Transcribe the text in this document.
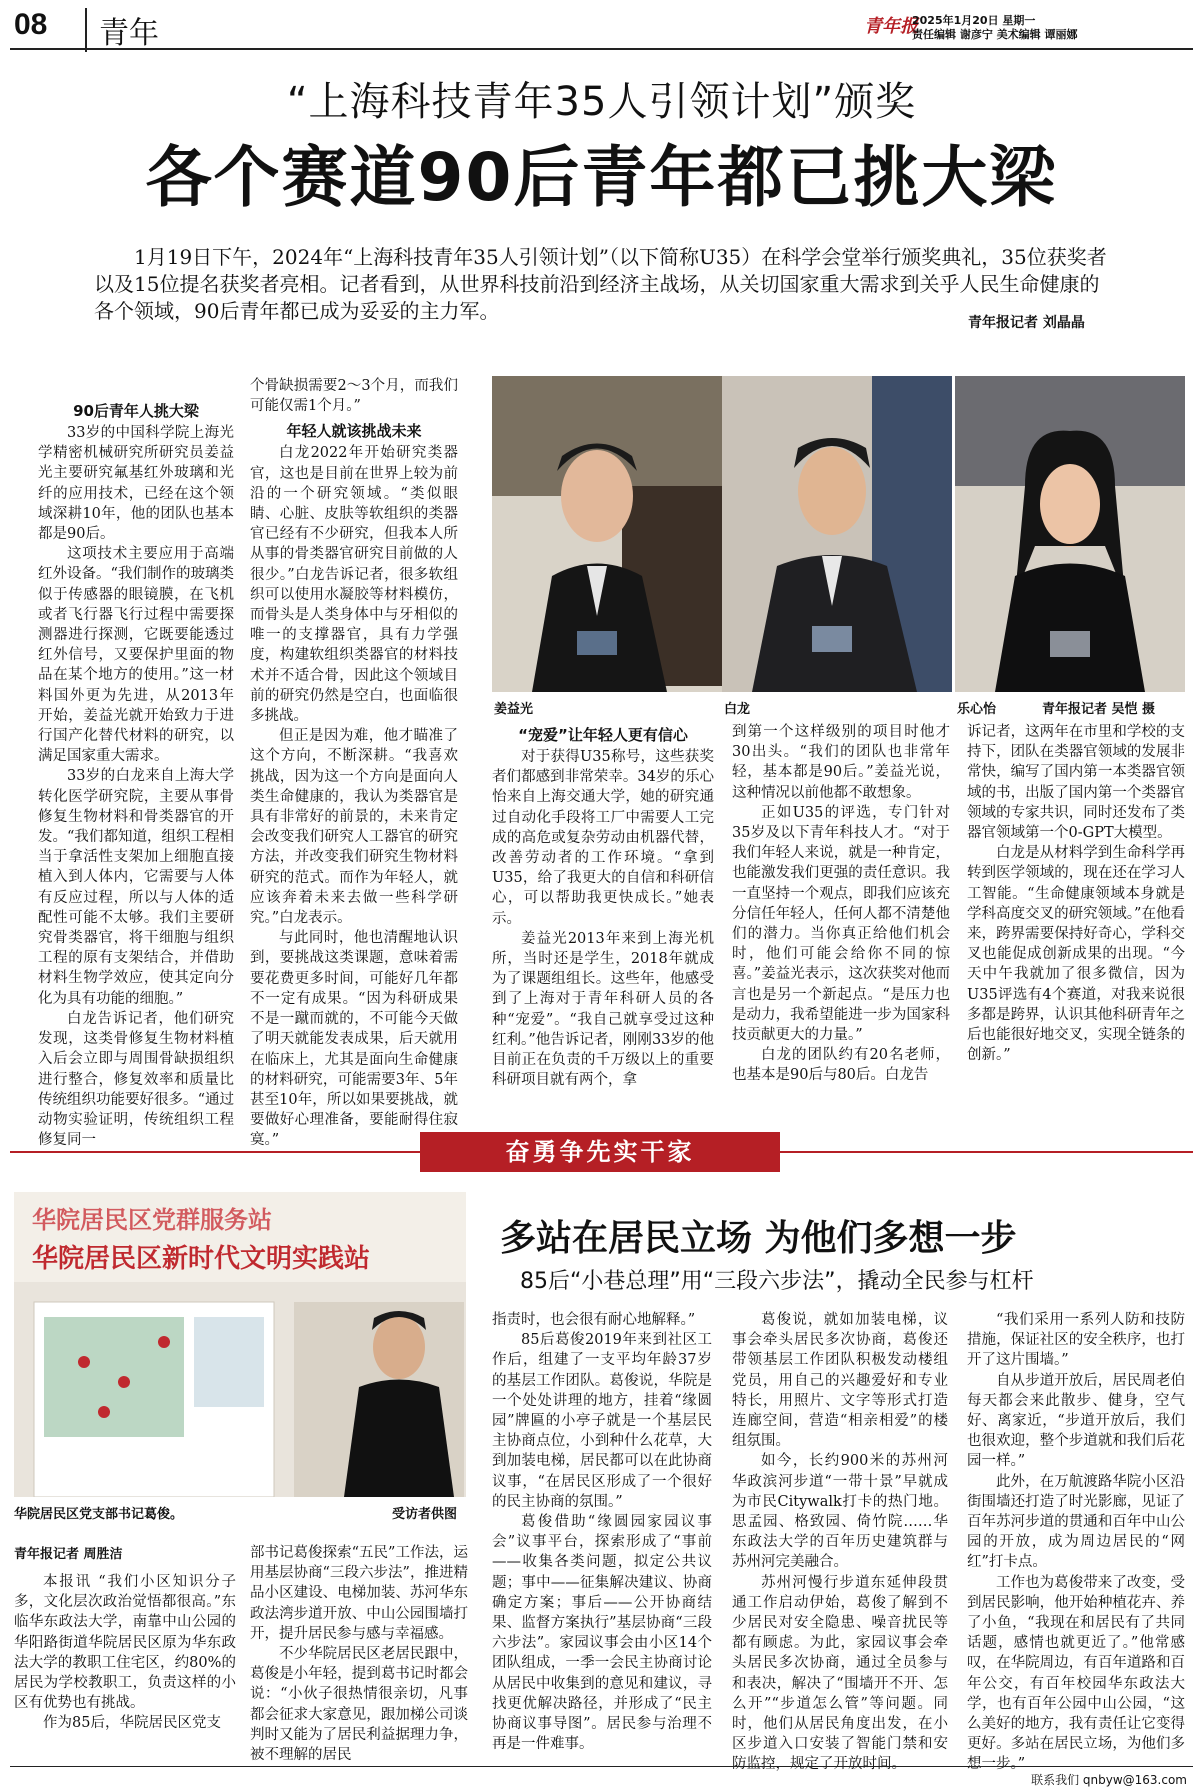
08	青年	青年报
2025年1月20日 星期一
责任编辑 谢彦宁 美术编辑 谭丽娜
“上海科技青年35人引领计划”颁奖
各个赛道90后青年都已挑大梁
1月19日下午，2024年“上海科技青年35人引领计划”（以下简称U35）在科学会堂举行颁奖典礼，35位获奖者以及15位提名获奖者亮相。记者看到，从世界科技前沿到经济主战场，从关切国家重大需求到关乎人民生命健康的各个领域，90后青年都已成为妥妥的主力军。	青年报记者 刘晶晶
90后青年人挑大梁

33岁的中国科学院上海光学精密机械研究所研究员姜益光主要研究氟基红外玻璃和光纤的应用技术，已经在这个领域深耕10年，他的团队也基本都是90后。

这项技术主要应用于高端红外设备。“我们制作的玻璃类似于传感器的眼镜膜，在飞机或者飞行器飞行过程中需要探测器进行探测，它既要能透过红外信号，又要保护里面的物品在某个地方的使用。”这一材料国外更为先进，从2013年开始，姜益光就开始致力于进行国产化替代材料的研究，以满足国家重大需求。

33岁的白龙来自上海大学转化医学研究院，主要从事骨修复生物材料和骨类器官的开发。“我们都知道，组织工程相当于拿活性支架加上细胞直接植入到人体内，它需要与人体有反应过程，所以与人体的适配性可能不太够。我们主要研究骨类器官，将干细胞与组织工程的原有支架结合，并借助材料生物学效应，使其定向分化为具有功能的细胞。”

白龙告诉记者，他们研究发现，这类骨修复生物材料植入后会立即与周围骨缺损组织进行整合，修复效率和质量比传统组织功能要好很多。“通过动物实验证明，传统组织工程修复同一

个骨缺损需要2～3个月，而我们可能仅需1个月。”

年轻人就该挑战未来

白龙2022年开始研究类器官，这也是目前在世界上较为前沿的一个研究领域。“类似眼睛、心脏、皮肤等软组织的类器官已经有不少研究，但我本人所从事的骨类器官研究目前做的人很少。”白龙告诉记者，很多软组织可以使用水凝胶等材料模仿，而骨头是人类身体中与牙相似的唯一的支撑器官，具有力学强度，构建软组织类器官的材料技术并不适合骨，因此这个领域目前的研究仍然是空白，也面临很多挑战。

但正是因为难，他才瞄准了这个方向，不断深耕。“我喜欢挑战，因为这一个方向是面向人类生命健康的，我认为类器官是具有非常好的前景的，未来肯定会改变我们研究人工器官的研究方法，并改变我们研究生物材料研究的范式。而作为年轻人，就应该奔着未来去做一些科学研究。”白龙表示。

与此同时，他也清醒地认识到，要挑战这类课题，意味着需要花费更多时间，可能好几年都不一定有成果。“因为科研成果不是一蹴而就的，不可能今天做了明天就能发表成果，后天就用在临床上，尤其是面向生命健康的材料研究，可能需要3年、5年甚至10年，所以如果要挑战，就要做好心理准备，要能耐得住寂寞。”

姜益光	白龙	乐心怡	青年报记者 吴恺 摄
“宠爱”让年轻人更有信心

对于获得U35称号，这些获奖者们都感到非常荣幸。34岁的乐心怡来自上海交通大学，她的研究通过自动化手段将工厂中需要人工完成的高危或复杂劳动由机器代替，改善劳动者的工作环境。“拿到U35，给了我更大的自信和科研信心，可以帮助我更快成长。”她表示。

姜益光2013年来到上海光机所，当时还是学生，2018年就成为了课题组组长。这些年，他感受到了上海对于青年科研人员的各种“宠爱”。“我自己就享受过这种红利。”他告诉记者，刚刚33岁的他目前正在负责的千万级以上的重要科研项目就有两个，拿

到第一个这样级别的项目时他才30出头。“我们的团队也非常年轻，基本都是90后。”姜益光说，这种情况以前他都不敢想象。

正如U35的评选，专门针对35岁及以下青年科技人才。“对于我们年轻人来说，就是一种肯定，也能激发我们更强的责任意识。我一直坚持一个观点，即我们应该充分信任年轻人，任何人都不清楚他们的潜力。当你真正给他们机会时，他们可能会给你不同的惊喜。”姜益光表示，这次获奖对他而言也是另一个新起点。“是压力也是动力，我希望能进一步为国家科技贡献更大的力量。”

白龙的团队约有20名老师，也基本是90后与80后。白龙告

诉记者，这两年在市里和学校的支持下，团队在类器官领域的发展非常快，编写了国内第一本类器官领域的书，出版了国内第一个类器官领域的专家共识，同时还发布了类器官领域第一个0-GPT大模型。

白龙是从材料学到生命科学再转到医学领域的，现在还在学习人工智能。“生命健康领域本身就是学科高度交叉的研究领域。”在他看来，跨界需要保持好奇心，学科交叉也能促成创新成果的出现。“今天中午我就加了很多微信，因为U35评选有4个赛道，对我来说很多都是跨界，认识其他科研青年之后也能很好地交叉，实现全链条的创新。”

奋勇争先实干家
华院居民区党群服务站
华院居民区新时代文明实践站
华院居民区党支部书记葛俊。	受访者供图
多站在居民立场 为他们多想一步
85后“小巷总理”用“三段六步法”，撬动全民参与杠杆
青年报记者 周胜洁

本报讯 “我们小区知识分子多，文化层次政治觉悟都很高。”东临华东政法大学，南靠中山公园的华阳路街道华院居民区原为华东政法大学的教职工住宅区，约80%的居民为学校教职工，负责这样的小区有优势也有挑战。

作为85后，华院居民区党支

部书记葛俊探索“五民”工作法，运用基层协商“三段六步法”，推进精品小区建设、电梯加装、苏河华东政法湾步道开放、中山公园围墙打开，提升居民参与感与幸福感。

不少华院居民区老居民跟中，葛俊是小年轻，提到葛书记时都会说：“小伙子很热情很亲切，凡事都会征求大家意见，跟加梯公司谈判时又能为了居民利益据理力争，被不理解的居民

指责时，也会很有耐心地解释。”

85后葛俊2019年来到社区工作后，组建了一支平均年龄37岁的基层工作团队。葛俊说，华院是一个处处讲理的地方，挂着“缘圆园”牌匾的小亭子就是一个基层民主协商点位，小到种什么花草，大到加装电梯，居民都可以在此协商议事，“在居民区形成了一个很好的民主协商的氛围。”

葛俊借助“缘圆园家园议事会”议事平台，探索形成了“事前——收集各类问题，拟定公共议题；事中——征集解决建议、协商确定方案；事后——公开协商结果、监督方案执行”基层协商“三段六步法”。家园议事会由小区14个团队组成，一季一会民主协商讨论从居民中收集到的意见和建议，寻找更优解决路径，并形成了“民主协商议事导图”。居民参与治理不再是一件难事。

葛俊说，就如加装电梯，议事会牵头居民多次协商，葛俊还带领基层工作团队积极发动楼组党员，用自己的兴趣爱好和专业特长，用照片、文字等形式打造连廊空间，营造“相亲相爱”的楼组氛围。

如今，长约900米的苏州河华政滨河步道“一带十景”早就成为市民Citywalk打卡的热门地。思孟园、格致园、倚竹院……华东政法大学的百年历史建筑群与苏州河完美融合。

苏州河慢行步道东延伸段贯通工作启动伊始，葛俊了解到不少居民对安全隐患、噪音扰民等都有顾虑。为此，家园议事会牵头居民多次协商，通过全员参与和表决，解决了“围墙开不开、怎么开”“步道怎么管”等问题。同时，他们从居民角度出发，在小区步道入口安装了智能门禁和安防监控，规定了开放时间。

“我们采用一系列人防和技防措施，保证社区的安全秩序，也打开了这片围墙。”

自从步道开放后，居民周老伯每天都会来此散步、健身，空气好、离家近，“步道开放后，我们也很欢迎，整个步道就和我们后花园一样。”

此外，在万航渡路华院小区沿街围墙还打造了时光影廊，见证了百年苏河步道的贯通和百年中山公园的开放，成为周边居民的“网红”打卡点。

工作也为葛俊带来了改变，受到居民影响，他开始种植花卉、养了小鱼，“我现在和居民有了共同话题，感情也就更近了。”他常感叹，在华院周边，有百年道路和百年公交，有百年校园华东政法大学，也有百年公园中山公园，“这么美好的地方，我有责任让它变得更好。多站在居民立场，为他们多想一步。”

联系我们 qnbyw@163.com
